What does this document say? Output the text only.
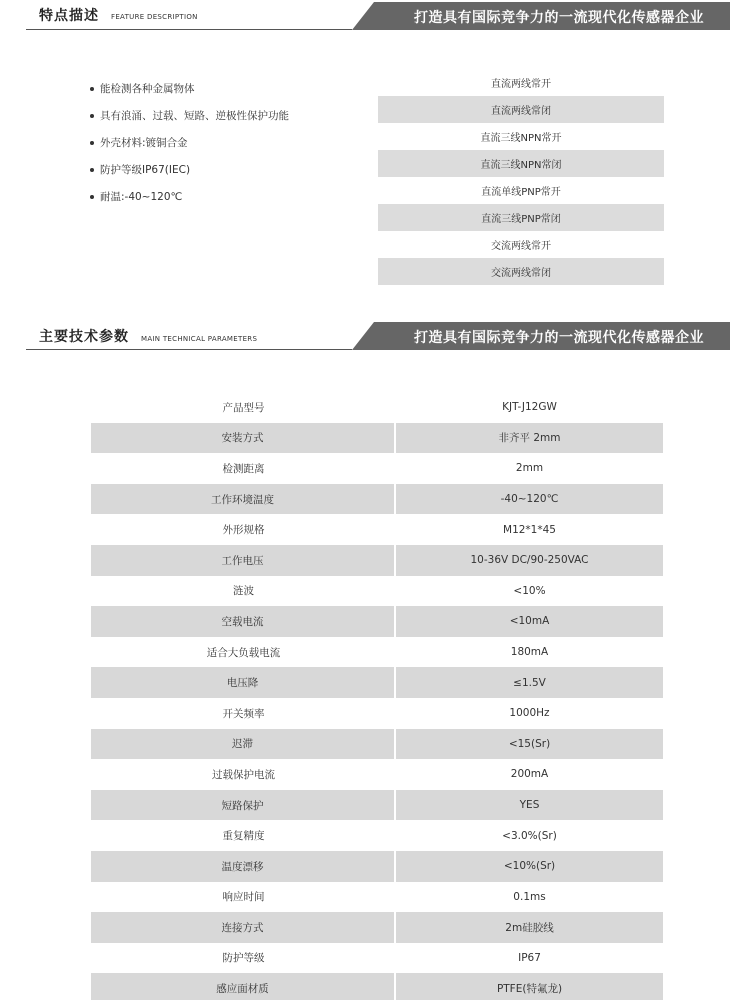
特点描述 FEATURE DESCRIPTION	打造具有国际竞争力的一流现代化传感器企业
能检测各种金属物体
具有浪涌、过载、短路、逆极性保护功能
外壳材料:镀铜合金
防护等级IP67(IEC)
耐温:-40~120℃
直流两线常开
直流两线常闭
直流三线NPN常开
直流三线NPN常闭
直流单线PNP常开
直流三线PNP常闭
交流两线常开
交流两线常闭
主要技术参数 MAIN TECHNICAL PARAMETERS	打造具有国际竞争力的一流现代化传感器企业
产品型号	KJT-J12GW
安装方式	非齐平 2mm
检测距离	2mm
工作环境温度	-40~120℃
外形规格	M12*1*45
工作电压	10-36V DC/90-250VAC
涟波	<10%
空载电流	<10mA
适合大负载电流	180mA
电压降	≤1.5V
开关频率	1000Hz
迟滞	<15(Sr)
过载保护电流	200mA
短路保护	YES
重复精度	<3.0%(Sr)
温度漂移	<10%(Sr)
响应时间	0.1ms
连接方式	2m硅胶线
防护等级	IP67
感应面材质	PTFE(特氟龙)
